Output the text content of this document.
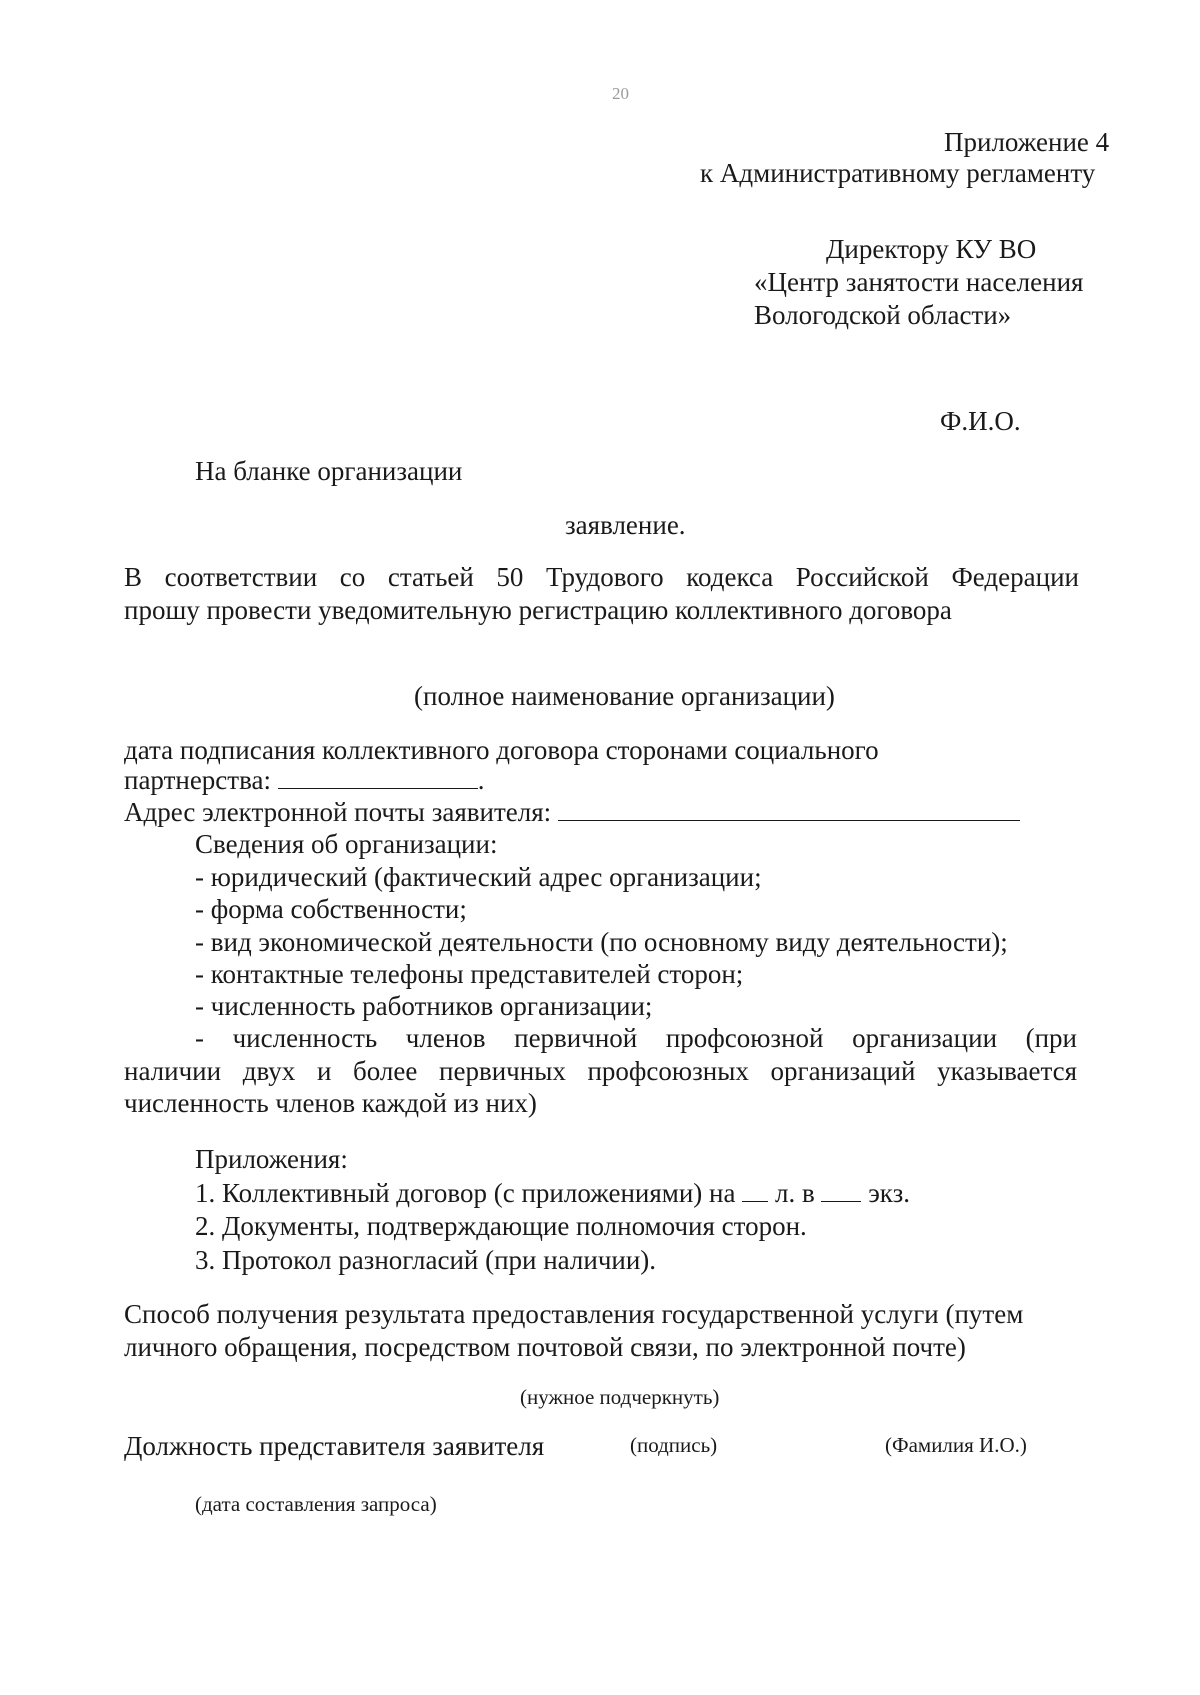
20
Приложение 4
к Административному регламенту
Директору КУ ВО
«Центр занятости населения
Вологодской области»
Ф.И.О.
На бланке организации
заявление.
В соответствии со статьей 50 Трудового кодекса Российской Федерации
прошу провести уведомительную регистрацию коллективного договора
(полное наименование организации)
дата подписания коллективного договора сторонами социального
партнерства:	.
Адрес электронной почты заявителя:
Сведения об организации:
- юридический (фактический адрес организации;
- форма собственности;
- вид экономической деятельности (по основному виду деятельности);
- контактные телефоны представителей сторон;
- численность работников организации;
- численность членов первичной профсоюзной организации (при
наличии двух и более первичных профсоюзных организаций указывается
численность членов каждой из них)
Приложения:
1. Коллективный договор (с приложениями) на л. в экз.
2. Документы, подтверждающие полномочия сторон.
3. Протокол разногласий (при наличии).
Способ получения результата предоставления государственной услуги (путем
личного обращения, посредством почтовой связи, по электронной почте)
(нужное подчеркнуть)
Должность представителя заявителя	(подпись)	(Фамилия И.О.)
(дата составления запроса)
